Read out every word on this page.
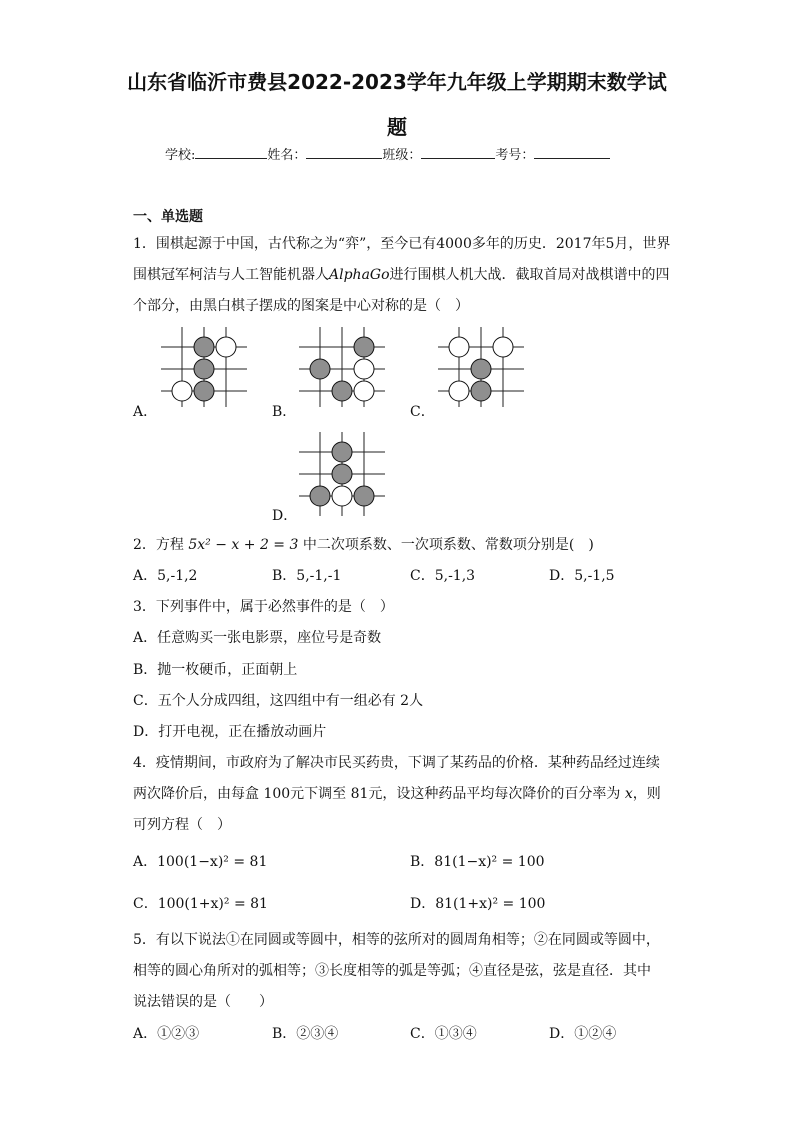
山东省临沂市费县2022-2023学年九年级上学期期末数学试
题
学校:	姓名：	班级：	考号：
一、单选题
1．围棋起源于中国，古代称之为“弈”，至今已有4000多年的历史．2017年5月，世界
围棋冠军柯洁与人工智能机器人AlphaGo进行围棋人机大战．截取首局对战棋谱中的四
个部分，由黑白棋子摆成的图案是中心对称的是（　）
A．	B．	C．
D．
2．方程 5x² − x + 2 = 3 中二次项系数、一次项系数、常数项分别是(　)
A．5,-1,2	B．5,-1,-1	C．5,-1,3	D．5,-1,5
3．下列事件中，属于必然事件的是（　）
A．任意购买一张电影票，座位号是奇数
B．抛一枚硬币，正面朝上
C．五个人分成四组，这四组中有一组必有 2人
D．打开电视，正在播放动画片
4．疫情期间，市政府为了解决市民买药贵，下调了某药品的价格．某种药品经过连续
两次降价后，由每盒 100元下调至 81元，设这种药品平均每次降价的百分率为 x，则
可列方程（　）
A．100(1−x)² = 81	B．81(1−x)² = 100
C．100(1+x)² = 81	D．81(1+x)² = 100
5．有以下说法①在同圆或等圆中，相等的弦所对的圆周角相等；②在同圆或等圆中，
相等的圆心角所对的弧相等；③长度相等的弧是等弧；④直径是弦，弦是直径．其中
说法错误的是（　　）
A．①②③	B．②③④	C．①③④	D．①②④
